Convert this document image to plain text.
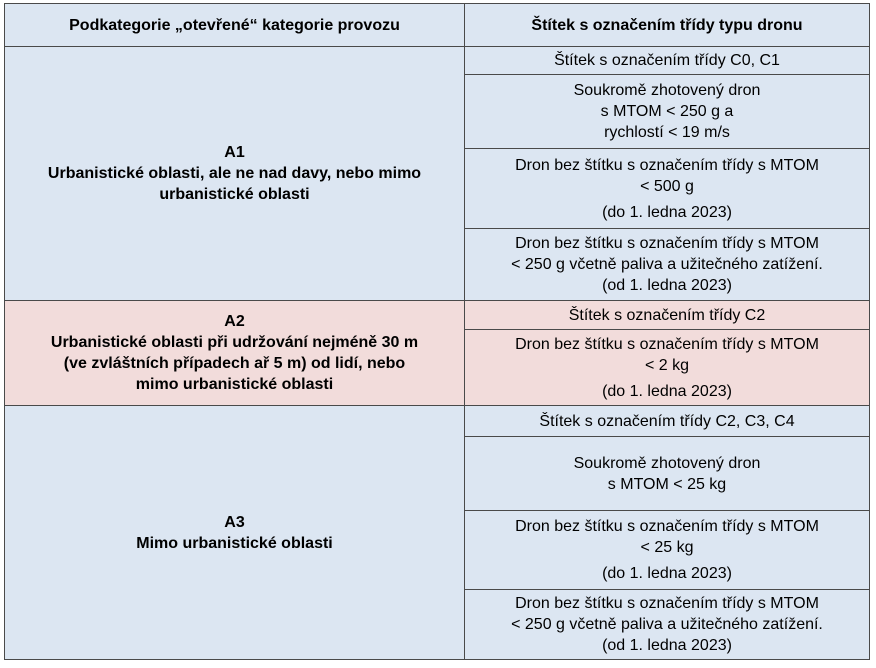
Podkategorie „otevřené“ kategorie provozu	Štítek s označením třídy typu dronu

A1
Urbanistické oblasti, ale ne nad davy, nebo mimo
urbanistické oblasti	Štítek s označením třídy C0, C1

	Soukromě zhotovený dron
s MTOM < 250 g a
rychlostí < 19 m/s

	Dron bez štítku s označením třídy s MTOM
< 500 g
(do 1. ledna 2023)

	Dron bez štítku s označením třídy s MTOM
< 250 g včetně paliva a užitečného zatížení.
(od 1. ledna 2023)

A2
Urbanistické oblasti při udržování nejméně 30 m
(ve zvláštních případech ař 5 m) od lidí, nebo
mimo urbanistické oblasti	Štítek s označením třídy C2

	Dron bez štítku s označením třídy s MTOM
< 2 kg
(do 1. ledna 2023)

A3
Mimo urbanistické oblasti	Štítek s označením třídy C2, C3, C4

	Soukromě zhotovený dron
s MTOM < 25 kg

	Dron bez štítku s označením třídy s MTOM
< 25 kg
(do 1. ledna 2023)

	Dron bez štítku s označením třídy s MTOM
< 250 g včetně paliva a užitečného zatížení.
(od 1. ledna 2023)
